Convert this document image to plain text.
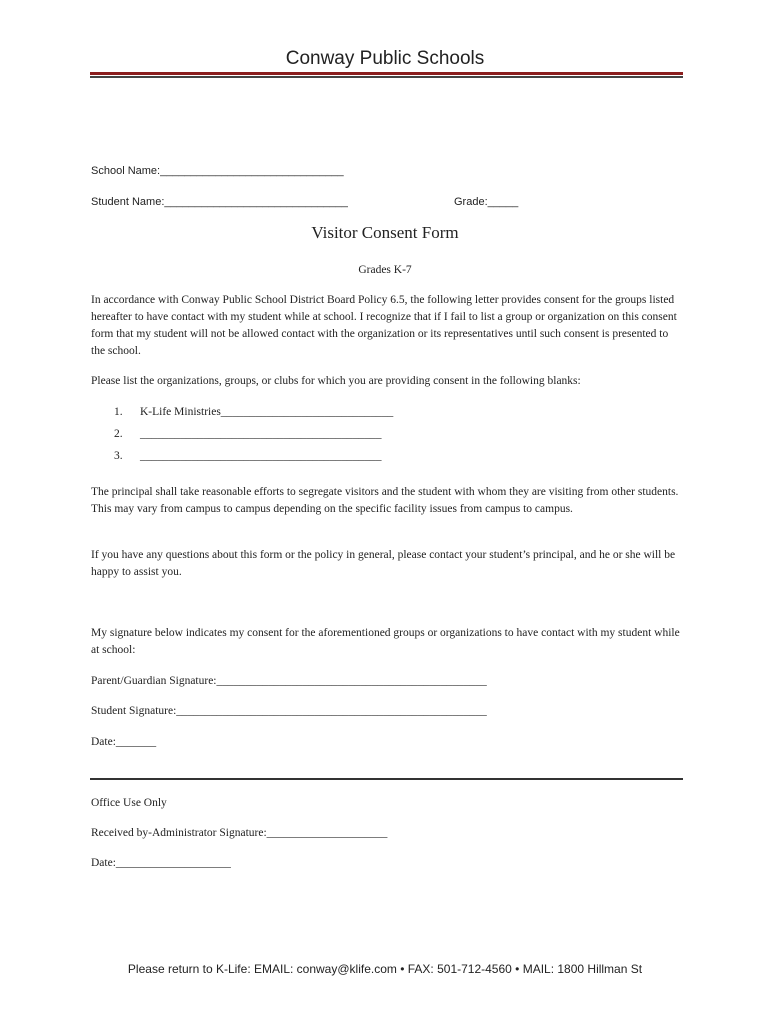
Conway Public Schools
School Name:______________________________
Student Name:______________________________	Grade:_____
Visitor Consent Form
Grades K-7
In accordance with Conway Public School District Board Policy 6.5, the following letter provides consent for the groups listed hereafter to have contact with my student while at school. I recognize that if I fail to list a group or organization on this consent form that my student will not be allowed contact with the organization or its representatives until such consent is presented to the school.
Please list the organizations, groups, or clubs for which you are providing consent in the following blanks:
1.	K-Life Ministries______________________________
2.	__________________________________________
3.	__________________________________________
The principal shall take reasonable efforts to segregate visitors and the student with whom they are visiting from other students. This may vary from campus to campus depending on the specific facility issues from campus to campus.
If you have any questions about this form or the policy in general, please contact your student’s principal, and he or she will be happy to assist you.
My signature below indicates my consent for the aforementioned groups or organizations to have contact with my student while at school:
Parent/Guardian Signature:_______________________________________________
Student Signature:______________________________________________________
Date:_______
Office Use Only
Received by-Administrator Signature:_____________________
Date:____________________
Please return to K-Life: EMAIL: conway@klife.com • FAX: 501-712-4560 • MAIL: 1800 Hillman St
